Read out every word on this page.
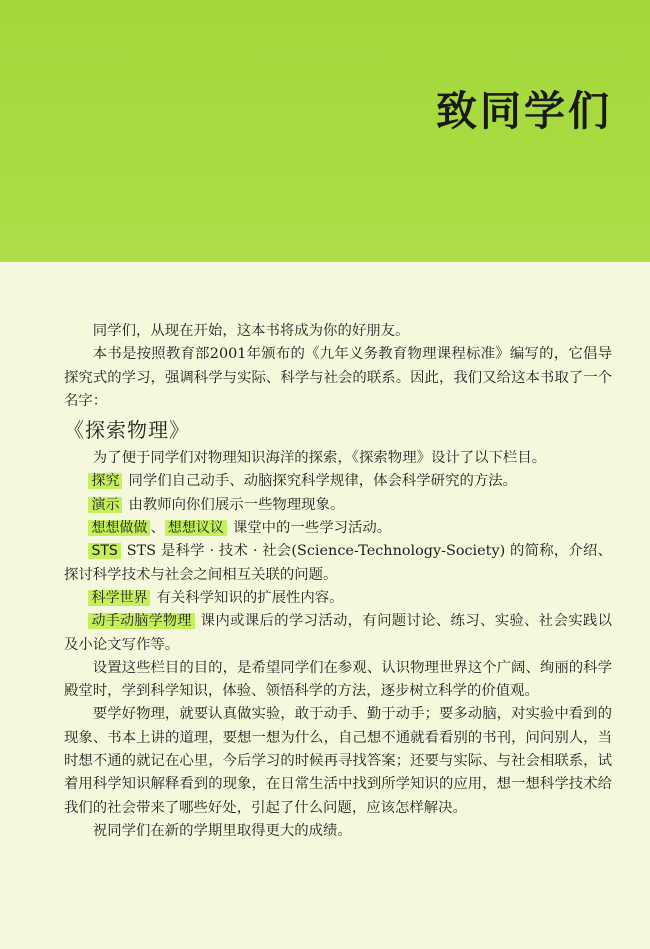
致同学们

同学们，从现在开始，这本书将成为你的好朋友。

本书是按照教育部2001年颁布的《九年义务教育物理课程标准》编写的，它倡导探究式的学习，强调科学与实际、科学与社会的联系。因此，我们又给这本书取了一个名字：

《探索物理》

为了便于同学们对物理知识海洋的探索，《探索物理》设计了以下栏目。

探究 同学们自己动手、动脑探究科学规律，体会科学研究的方法。

演示 由教师向你们展示一些物理现象。

想想做做 、 想想议议 课堂中的一些学习活动。

STS STS 是科学 · 技术 · 社会(Science-Technology-Society) 的简称，介绍、探讨科学技术与社会之间相互关联的问题。

科学世界 有关科学知识的扩展性内容。

动手动脑学物理 课内或课后的学习活动，有问题讨论、练习、实验、社会实践以及小论文写作等。

设置这些栏目的目的，是希望同学们在参观、认识物理世界这个广阔、绚丽的科学殿堂时，学到科学知识，体验、领悟科学的方法，逐步树立科学的价值观。

要学好物理，就要认真做实验，敢于动手、勤于动手；要多动脑，对实验中看到的现象、书本上讲的道理，要想一想为什么，自己想不通就看看别的书刊，问问别人，当时想不通的就记在心里，今后学习的时候再寻找答案；还要与实际、与社会相联系，试着用科学知识解释看到的现象，在日常生活中找到所学知识的应用，想一想科学技术给我们的社会带来了哪些好处，引起了什么问题，应该怎样解决。

祝同学们在新的学期里取得更大的成绩。
